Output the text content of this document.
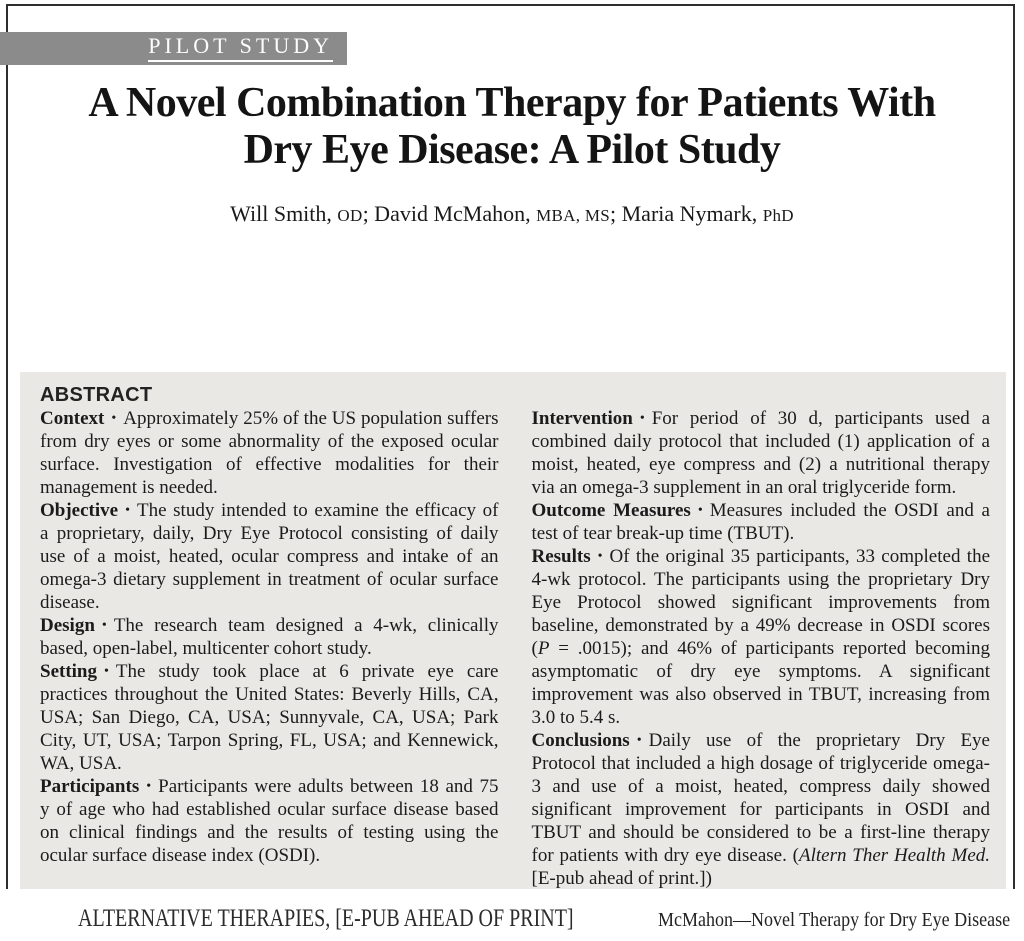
PILOT STUDY
A Novel Combination Therapy for Patients With
Dry Eye Disease: A Pilot Study
Will Smith, OD; David McMahon, MBA, MS; Maria Nymark, PhD
ABSTRACT

Context • Approximately 25% of the US population suffers from dry eyes or some abnormality of the exposed ocular surface. Investigation of effective modalities for their management is needed.

Objective • The study intended to examine the efficacy of a proprietary, daily, Dry Eye Protocol consisting of daily use of a moist, heated, ocular compress and intake of an omega-3 dietary supplement in treatment of ocular surface disease.

Design • The research team designed a 4-wk, clinically based, open-label, multicenter cohort study.

Setting • The study took place at 6 private eye care practices throughout the United States: Beverly Hills, CA, USA; San Diego, CA, USA; Sunnyvale, CA, USA; Park City, UT, USA; Tarpon Spring, FL, USA; and Kennewick, WA, USA.

Participants • Participants were adults between 18 and 75 y of age who had established ocular surface disease based on clinical findings and the results of testing using the ocular surface disease index (OSDI).

Intervention • For period of 30 d, participants used a combined daily protocol that included (1) application of a moist, heated, eye compress and (2) a nutritional therapy via an omega-3 supplement in an oral triglyceride form.

Outcome Measures • Measures included the OSDI and a test of tear break-up time (TBUT).

Results • Of the original 35 participants, 33 completed the 4-wk protocol. The participants using the proprietary Dry Eye Protocol showed significant improvements from baseline, demonstrated by a 49% decrease in OSDI scores (P = .0015); and 46% of participants reported becoming asymptomatic of dry eye symptoms. A significant improvement was also observed in TBUT, increasing from 3.0 to 5.4 s.

Conclusions • Daily use of the proprietary Dry Eye Protocol that included a high dosage of triglyceride omega-3 and use of a moist, heated, compress daily showed significant improvement for participants in OSDI and TBUT and should be considered to be a first-line therapy for patients with dry eye disease. (Altern Ther Health Med. [E-pub ahead of print.])

ALTERNATIVE THERAPIES, [E-PUB AHEAD OF PRINT]	McMahon—Novel Therapy for Dry Eye Disease
